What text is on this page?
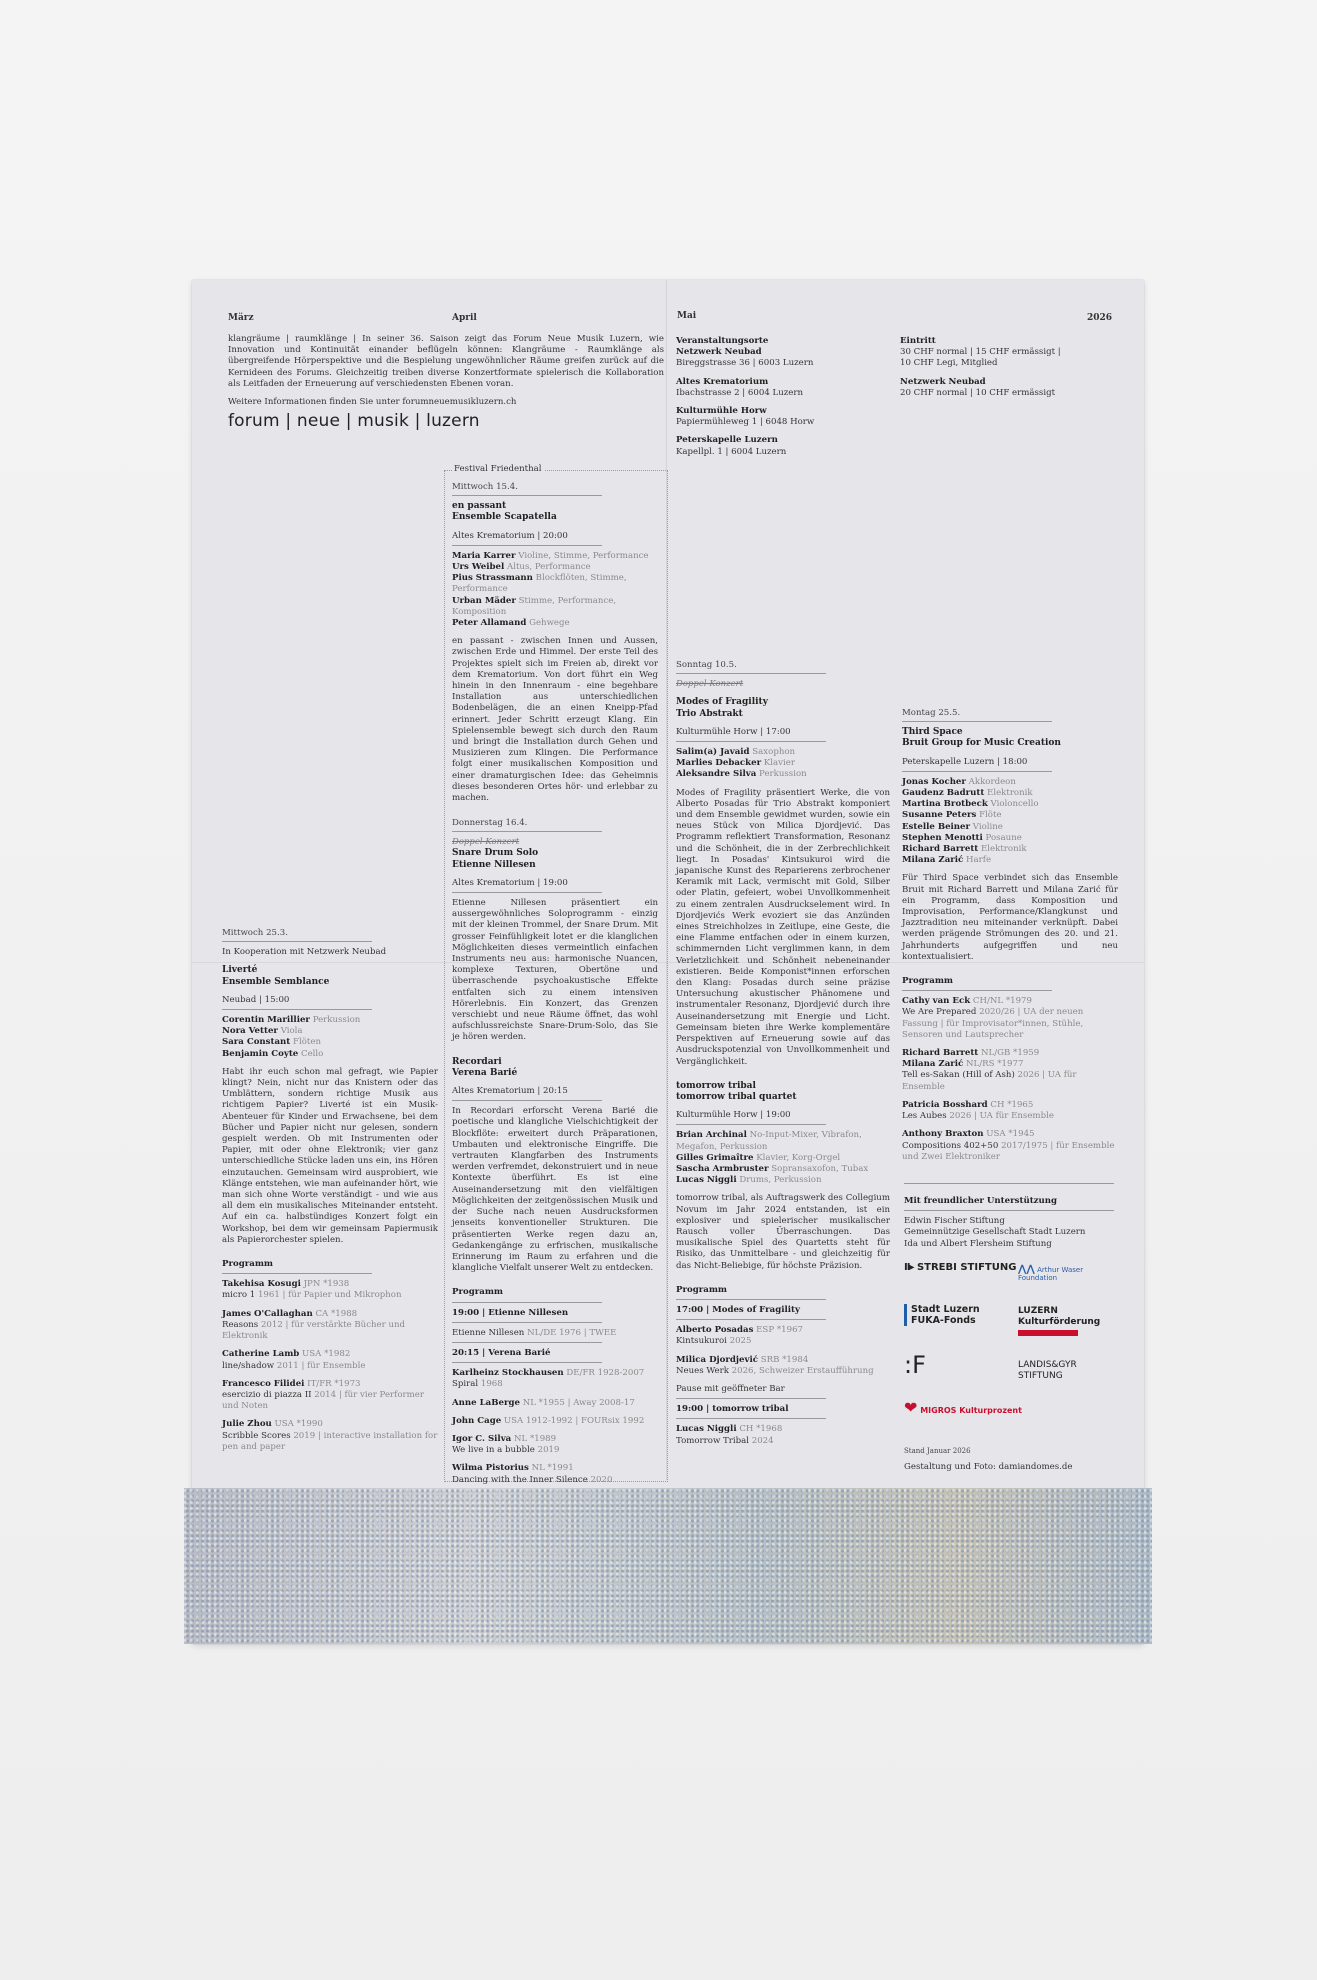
März	April	Mai	2026

klangräume | raumklänge | In seiner 36. Saison zeigt das Forum Neue Musik Luzern, wie Innovation und Kontinuität einander beflügeln können: Klangräume - Raumklänge als übergreifende Hörperspektive und die Bespielung ungewöhnlicher Räume greifen zurück auf die Kernideen des Forums. Gleichzeitig treiben diverse Konzertformate spielerisch die Kollaboration als Leitfaden der Erneuerung auf verschiedensten Ebenen voran.

Weitere Informationen finden Sie unter forumneuemusikluzern.ch

forum | neue | musik | luzern

Veranstaltungsorte

Netzwerk Neubad

Bireggstrasse 36 | 6003 Luzern

Altes Krematorium

Ibachstrasse 2 | 6004 Luzern

Kulturmühle Horw

Papiermühleweg 1 | 6048 Horw

Peterskapelle Luzern

Kapellpl. 1 | 6004 Luzern

Eintritt

30 CHF normal | 15 CHF ermässigt |

10 CHF Legi, Mitglied

Netzwerk Neubad

20 CHF normal | 10 CHF ermässigt

Festival Friedenthal

Mittwoch 15.4.

en passant

Ensemble Scapatella

Altes Krematorium | 20:00

Maria Karrer Violine, Stimme, Performance

Urs Weibel Altus, Performance

Pius Strassmann Blockflöten, Stimme, Performance

Urban Mäder Stimme, Performance, Komposition

Peter Allamand Gehwege

en passant - zwischen Innen und Aussen, zwischen Erde und Himmel. Der erste Teil des Projektes spielt sich im Freien ab, direkt vor dem Krematorium. Von dort führt ein Weg hinein in den Innenraum - eine begehbare Installation aus unterschiedlichen Bodenbelägen, die an einen Kneipp-Pfad erinnert. Jeder Schritt erzeugt Klang. Ein Spielensemble bewegt sich durch den Raum und bringt die Installation durch Gehen und Musizieren zum Klingen. Die Performance folgt einer musikalischen Komposition und einer dramaturgischen Idee: das Geheimnis dieses besonderen Ortes hör- und erlebbar zu machen.

Donnerstag 16.4.

Doppel-Konzert

Snare Drum Solo

Etienne Nillesen

Altes Krematorium | 19:00

Etienne Nillesen präsentiert ein aussergewöhnliches Soloprogramm - einzig mit der kleinen Trommel, der Snare Drum. Mit grosser Feinfühligkeit lotet er die klanglichen Möglichkeiten dieses vermeintlich einfachen Instruments neu aus: harmonische Nuancen, komplexe Texturen, Obertöne und überraschende psychoakustische Effekte entfalten sich zu einem intensiven Hörerlebnis. Ein Konzert, das Grenzen verschiebt und neue Räume öffnet, das wohl aufschlussreichste Snare-Drum-Solo, das Sie je hören werden.

Recordari

Verena Barié

Altes Krematorium | 20:15

In Recordari erforscht Verena Barié die poetische und klangliche Vielschichtigkeit der Blockflöte: erweitert durch Präparationen, Umbauten und elektronische Eingriffe. Die vertrauten Klangfarben des Instruments werden verfremdet, dekonstruiert und in neue Kontexte überführt. Es ist eine Auseinandersetzung mit den vielfältigen Möglichkeiten der zeitgenössischen Musik und der Suche nach neuen Ausdrucksformen jenseits konventioneller Strukturen. Die präsentierten Werke regen dazu an, Gedankengänge zu erfrischen, musikalische Erinnerung im Raum zu erfahren und die klangliche Vielfalt unserer Welt zu entdecken.

Programm

19:00 | Etienne Nillesen

Etienne Nillesen NL/DE 1976 | TWEE

20:15 | Verena Barié

Karlheinz Stockhausen DE/FR 1928-2007

Spiral 1968

Anne LaBerge NL *1955 | Away 2008-17

John Cage USA 1912-1992 | FOURsix 1992

Igor C. Silva NL *1989

We live in a bubble 2019

Wilma Pistorius NL *1991

Dancing with the Inner Silence 2020

Mittwoch 25.3.

In Kooperation mit Netzwerk Neubad

Liverté

Ensemble Semblance

Neubad | 15:00

Corentin Marillier Perkussion

Nora Vetter Viola

Sara Constant Flöten

Benjamin Coyte Cello

Habt ihr euch schon mal gefragt, wie Papier klingt? Nein, nicht nur das Knistern oder das Umblättern, sondern richtige Musik aus richtigem Papier? Liverté ist ein Musik-Abenteuer für Kinder und Erwachsene, bei dem Bücher und Papier nicht nur gelesen, sondern gespielt werden. Ob mit Instrumenten oder Papier, mit oder ohne Elektronik; vier ganz unterschiedliche Stücke laden uns ein, ins Hören einzutauchen. Gemeinsam wird ausprobiert, wie Klänge entstehen, wie man aufeinander hört, wie man sich ohne Worte verständigt - und wie aus all dem ein musikalisches Miteinander entsteht. Auf ein ca. halbstündiges Konzert folgt ein Workshop, bei dem wir gemeinsam Papiermusik als Papierorchester spielen.

Programm

Takehisa Kosugi JPN *1938

micro 1 1961 | für Papier und Mikrophon

James O'Callaghan CA *1988

Reasons 2012 | für verstärkte Bücher und Elektronik

Catherine Lamb USA *1982

line/shadow 2011 | für Ensemble

Francesco Filidei IT/FR *1973

esercizio di piazza II 2014 | für vier Performer und Noten

Julie Zhou USA *1990

Scribble Scores 2019 | interactive installation for pen and paper

Sonntag 10.5.

Doppel-Konzert

Modes of Fragility

Trio Abstrakt

Kulturmühle Horw | 17:00

Salim(a) Javaid Saxophon

Marlies Debacker Klavier

Aleksandre Silva Perkussion

Modes of Fragility präsentiert Werke, die von Alberto Posadas für Trio Abstrakt komponiert und dem Ensemble gewidmet wurden, sowie ein neues Stück von Milica Djordjević. Das Programm reflektiert Transformation, Resonanz und die Schönheit, die in der Zerbrechlichkeit liegt. In Posadas' Kintsukuroi wird die japanische Kunst des Reparierens zerbrochener Keramik mit Lack, vermischt mit Gold, Silber oder Platin, gefeiert, wobei Unvollkommenheit zu einem zentralen Ausdruckselement wird. In Djordjevićs Werk evoziert sie das Anzünden eines Streichholzes in Zeitlupe, eine Geste, die eine Flamme entfachen oder in einem kurzen, schimmernden Licht verglimmen kann, in dem Verletzlichkeit und Schönheit nebeneinander existieren. Beide Komponist*innen erforschen den Klang: Posadas durch seine präzise Untersuchung akustischer Phänomene und instrumentaler Resonanz, Djordjević durch ihre Auseinandersetzung mit Energie und Licht. Gemeinsam bieten ihre Werke komplementäre Perspektiven auf Erneuerung sowie auf das Ausdruckspotenzial von Unvollkommenheit und Vergänglichkeit.

tomorrow tribal

tomorrow tribal quartet

Kulturmühle Horw | 19:00

Brian Archinal No-Input-Mixer, Vibrafon, Megafon, Perkussion

Gilles Grimaître Klavier, Korg-Orgel

Sascha Armbruster Sopransaxofon, Tubax

Lucas Niggli Drums, Perkussion

tomorrow tribal, als Auftragswerk des Collegium Novum im Jahr 2024 entstanden, ist ein explosiver und spielerischer musikalischer Rausch voller Überraschungen. Das musikalische Spiel des Quartetts steht für Risiko, das Unmittelbare - und gleichzeitig für das Nicht-Beliebige, für höchste Präzision.

Programm

17:00 | Modes of Fragility

Alberto Posadas ESP *1967

Kintsukuroi 2025

Milica Djordjević SRB *1984

Neues Werk 2026, Schweizer Erstaufführung

Pause mit geöffneter Bar

19:00 | tomorrow tribal

Lucas Niggli CH *1968

Tomorrow Tribal 2024

Montag 25.5.

Third Space

Bruit Group for Music Creation

Peterskapelle Luzern | 18:00

Jonas Kocher Akkordeon

Gaudenz Badrutt Elektronik

Martina Brotbeck Violoncello

Susanne Peters Flöte

Estelle Beiner Violine

Stephen Menotti Posaune

Richard Barrett Elektronik

Milana Zarić Harfe

Für Third Space verbindet sich das Ensemble Bruit mit Richard Barrett und Milana Zarić für ein Programm, dass Komposition und Improvisation, Performance/Klangkunst und Jazztradition neu miteinander verknüpft. Dabei werden prägende Strömungen des 20. und 21. Jahrhunderts aufgegriffen und neu kontextualisiert.

Programm

Cathy van Eck CH/NL *1979

We Are Prepared 2020/26 | UA der neuen Fassung | für Improvisator*innen, Stühle, Sensoren und Lautsprecher

Richard Barrett NL/GB *1959

Milana Zarić NL/RS *1977

Tell es-Sakan (Hill of Ash) 2026 | UA für Ensemble

Patricia Bosshard CH *1965

Les Aubes 2026 | UA für Ensemble

Anthony Braxton USA *1945

Compositions 402+50 2017/1975 | für Ensemble und Zwei Elektroniker

Mit freundlicher Unterstützung

Edwin Fischer Stiftung

Gemeinnützige Gesellschaft Stadt Luzern

Ida und Albert Flersheim Stiftung

II▸ STREBI STIFTUNG ⋀⋀ Arthur Waser Foundation
Stadt Luzern FUKA-Fonds
LUZERN Kulturförderung
:F	LANDIS&GYR STIFTUNG
❤ MIGROS Kulturprozent
Stand Januar 2026
Gestaltung und Foto: damiandomes.de
